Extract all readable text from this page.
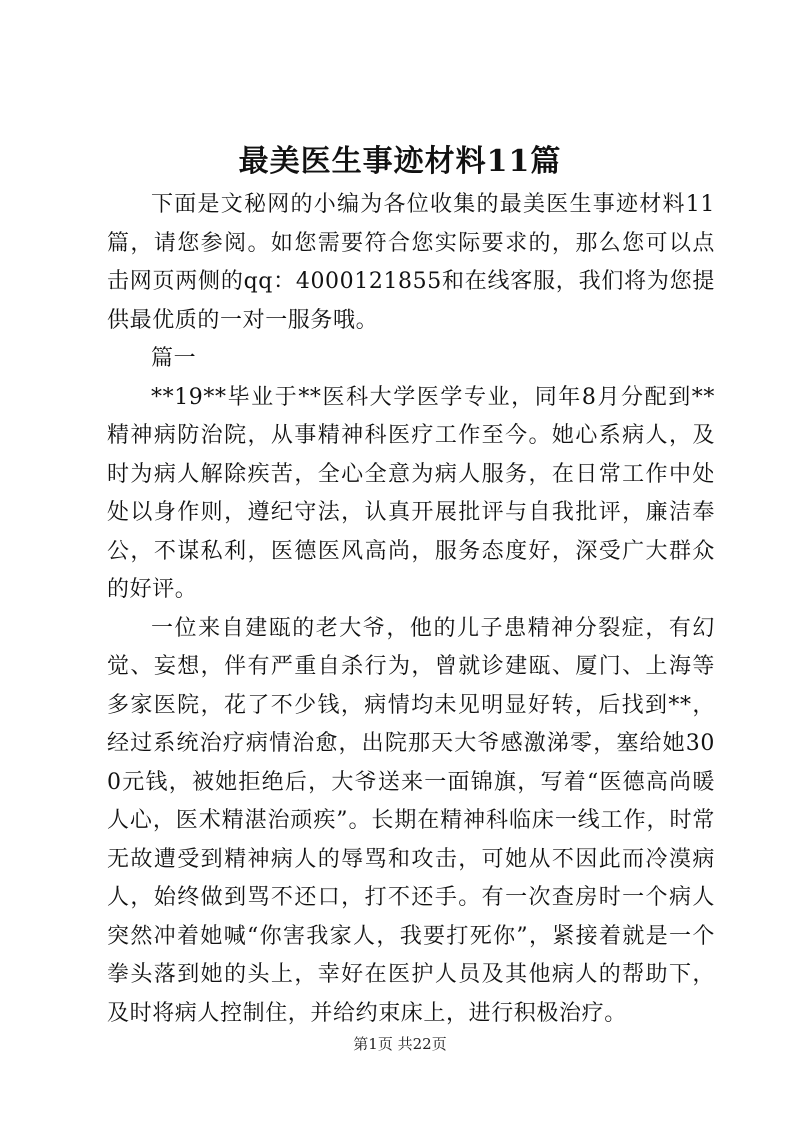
最美医生事迹材料11篇

下面是文秘网的小编为各位收集的最美医生事迹材料11篇，请您参阅。如您需要符合您实际要求的，那么您可以点击网页两侧的qq：4000121855和在线客服，我们将为您提供最优质的一对一服务哦。

篇一

**19**毕业于**医科大学医学专业，同年8月分配到**精神病防治院，从事精神科医疗工作至今。她心系病人，及时为病人解除疾苦，全心全意为病人服务，在日常工作中处处以身作则，遵纪守法，认真开展批评与自我批评，廉洁奉公，不谋私利，医德医风高尚，服务态度好，深受广大群众的好评。

一位来自建瓯的老大爷，他的儿子患精神分裂症，有幻觉、妄想，伴有严重自杀行为，曾就诊建瓯、厦门、上海等多家医院，花了不少钱，病情均未见明显好转，后找到**，经过系统治疗病情治愈，出院那天大爷感激涕零，塞给她300元钱，被她拒绝后，大爷送来一面锦旗，写着“医德高尚暖人心，医术精湛治顽疾”。长期在精神科临床一线工作，时常无故遭受到精神病人的辱骂和攻击，可她从不因此而冷漠病人，始终做到骂不还口，打不还手。有一次查房时一个病人突然冲着她喊“你害我家人，我要打死你”，紧接着就是一个拳头落到她的头上，幸好在医护人员及其他病人的帮助下，及时将病人控制住，并给约束床上，进行积极治疗。

第1页 共22页
